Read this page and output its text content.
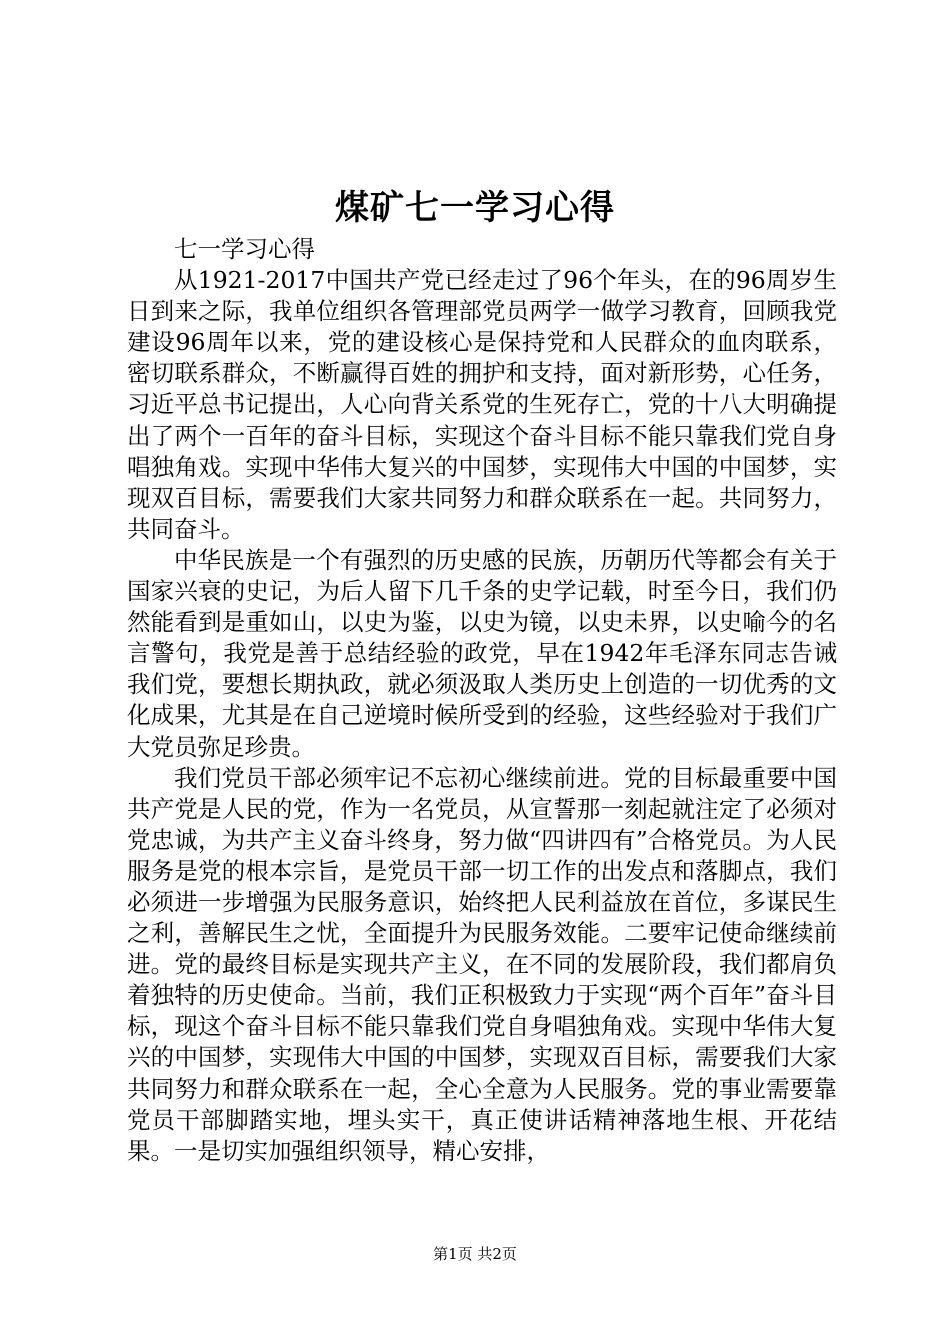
煤矿七一学习心得

七一学习心得

从1921-2017中国共产党已经走过了96个年头，在的96周岁生日到来之际，我单位组织各管理部党员两学一做学习教育，回顾我党建设96周年以来，党的建设核心是保持党和人民群众的血肉联系，密切联系群众，不断赢得百姓的拥护和支持，面对新形势，心任务，习近平总书记提出，人心向背关系党的生死存亡，党的十八大明确提出了两个一百年的奋斗目标，实现这个奋斗目标不能只靠我们党自身唱独角戏。实现中华伟大复兴的中国梦，实现伟大中国的中国梦，实现双百目标，需要我们大家共同努力和群众联系在一起。共同努力，共同奋斗。

中华民族是一个有强烈的历史感的民族，历朝历代等都会有关于国家兴衰的史记，为后人留下几千条的史学记载，时至今日，我们仍然能看到是重如山，以史为鉴，以史为镜，以史未界，以史喻今的名言警句，我党是善于总结经验的政党，早在1942年毛泽东同志告诫我们党，要想长期执政，就必须汲取人类历史上创造的一切优秀的文化成果，尤其是在自己逆境时候所受到的经验，这些经验对于我们广大党员弥足珍贵。

我们党员干部必须牢记不忘初心继续前进。党的目标最重要中国共产党是人民的党，作为一名党员，从宣誓那一刻起就注定了必须对党忠诚，为共产主义奋斗终身，努力做“四讲四有”合格党员。为人民服务是党的根本宗旨，是党员干部一切工作的出发点和落脚点，我们必须进一步增强为民服务意识，始终把人民利益放在首位，多谋民生之利，善解民生之忧，全面提升为民服务效能。二要牢记使命继续前进。党的最终目标是实现共产主义，在不同的发展阶段，我们都肩负着独特的历史使命。当前，我们正积极致力于实现“两个百年”奋斗目标，现这个奋斗目标不能只靠我们党自身唱独角戏。实现中华伟大复兴的中国梦，实现伟大中国的中国梦，实现双百目标，需要我们大家共同努力和群众联系在一起，全心全意为人民服务。党的事业需要靠党员干部脚踏实地，埋头实干，真正使讲话精神落地生根、开花结果。一是切实加强组织领导，精心安排，

第1页 共2页
